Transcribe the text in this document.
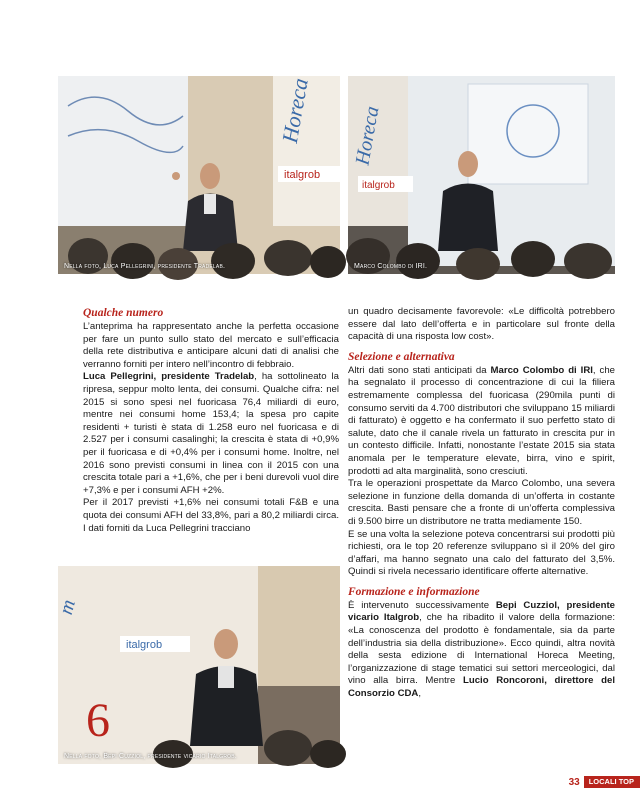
Horeca
italgrob
Nella foto, Luca Pellegrini, presidente Tradelab.
Horeca
italgrob
Marco Colombo di IRI.
m
italgrob
6
Nella foto, Bepi Cuzziol, presidente vicario Italgrob.
Qualche numero

L’anteprima ha rappresentato anche la perfetta occasione per fare un punto sullo stato del mercato e sull’efficacia della rete distributiva e anticipare alcuni dati di analisi che verranno forniti per intero nell’incontro di febbraio.

Luca Pellegrini, presidente Tradelab, ha sottolineato la ripresa, seppur molto lenta, dei consumi. Qualche cifra: nel 2015 si sono spesi nel fuoricasa 76,4 miliardi di euro, mentre nei consumi home 153,4; la spesa pro capite residenti + turisti è stata di 1.258 euro nel fuoricasa e di 2.527 per i consumi casalinghi; la crescita è stata di +0,9% per il fuoricasa e di +0,4% per i consumi home. Inoltre, nel 2016 sono previsti consumi in linea con il 2015 con una crescita totale pari a +1,6%, che per i beni durevoli vuol dire +7,3% e per i consumi AFH +2%.

Per il 2017 previsti +1,6% nei consumi totali F&B e una quota dei consumi AFH del 33,8%, pari a 80,2 miliardi circa. I dati forniti da Luca Pellegrini tracciano

un quadro decisamente favorevole: «Le difficoltà potrebbero essere dal lato dell’offerta e in particolare sul fronte della capacità di una risposta low cost».

Selezione e alternativa

Altri dati sono stati anticipati da Marco Colombo di IRI, che ha segnalato il processo di concentrazione di cui la filiera estremamente complessa del fuoricasa (290mila punti di consumo serviti da 4.700 distributori che sviluppano 15 miliardi di fatturato) è oggetto e ha confermato il suo perfetto stato di salute, dato che il canale rivela un fatturato in crescita pur in un contesto difficile. Infatti, nonostante l’estate 2015 sia stata anomala per le temperature elevate, birra, vino e spirit, prodotti ad alta marginalità, sono cresciuti.

Tra le operazioni prospettate da Marco Colombo, una severa selezione in funzione della domanda di un’offerta in costante crescita. Basti pensare che a fronte di un’offerta complessiva di 9.500 birre un distributore ne tratta mediamente 150.

E se una volta la selezione poteva concentrarsi sui prodotti più richiesti, ora le top 20 referenze sviluppano sì il 20% del giro d’affari, ma hanno segnato una calo del fatturato del 3,5%. Quindi si rivela necessario identificare offerte alternative.

Formazione e informazione

È intervenuto successivamente Bepi Cuzziol, presidente vicario Italgrob, che ha ribadito il valore della formazione: «La conoscenza del prodotto è fondamentale, sia da parte dell’industria sia della distribuzione». Ecco quindi, altra novità della sesta edizione di International Horeca Meeting, l’organizzazione di stage tematici sui settori merceologici, dal vino alla birra. Mentre Lucio Roncoroni, direttore del Consorzio CDA,

33	LOCALI TOP
